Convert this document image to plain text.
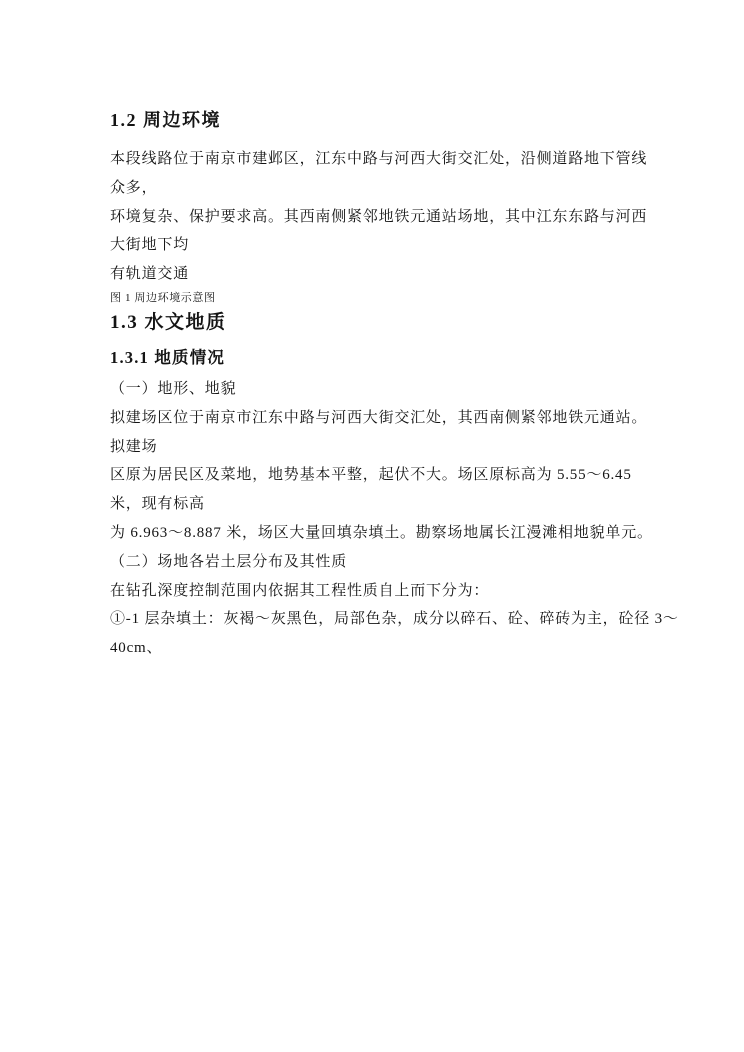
1.2 周边环境

本段线路位于南京市建邺区，江东中路与河西大街交汇处，沿侧道路地下管线

众多，

环境复杂、保护要求高。其西南侧紧邻地铁元通站场地，其中江东东路与河西

大街地下均

有轨道交通

图 1 周边环境示意图

1.3 水文地质
1.3.1 地质情况

（一）地形、地貌

拟建场区位于南京市江东中路与河西大街交汇处，其西南侧紧邻地铁元通站。

拟建场

区原为居民区及菜地，地势基本平整，起伏不大。场区原标高为 5.55～6.45

米，现有标高

为 6.963～8.887 米，场区大量回填杂填土。勘察场地属长江漫滩相地貌单元。

（二）场地各岩土层分布及其性质

在钻孔深度控制范围内依据其工程性质自上而下分为：

①-1 层杂填土：灰褐～灰黑色，局部色杂，成分以碎石、砼、碎砖为主，砼径 3～

40cm、
